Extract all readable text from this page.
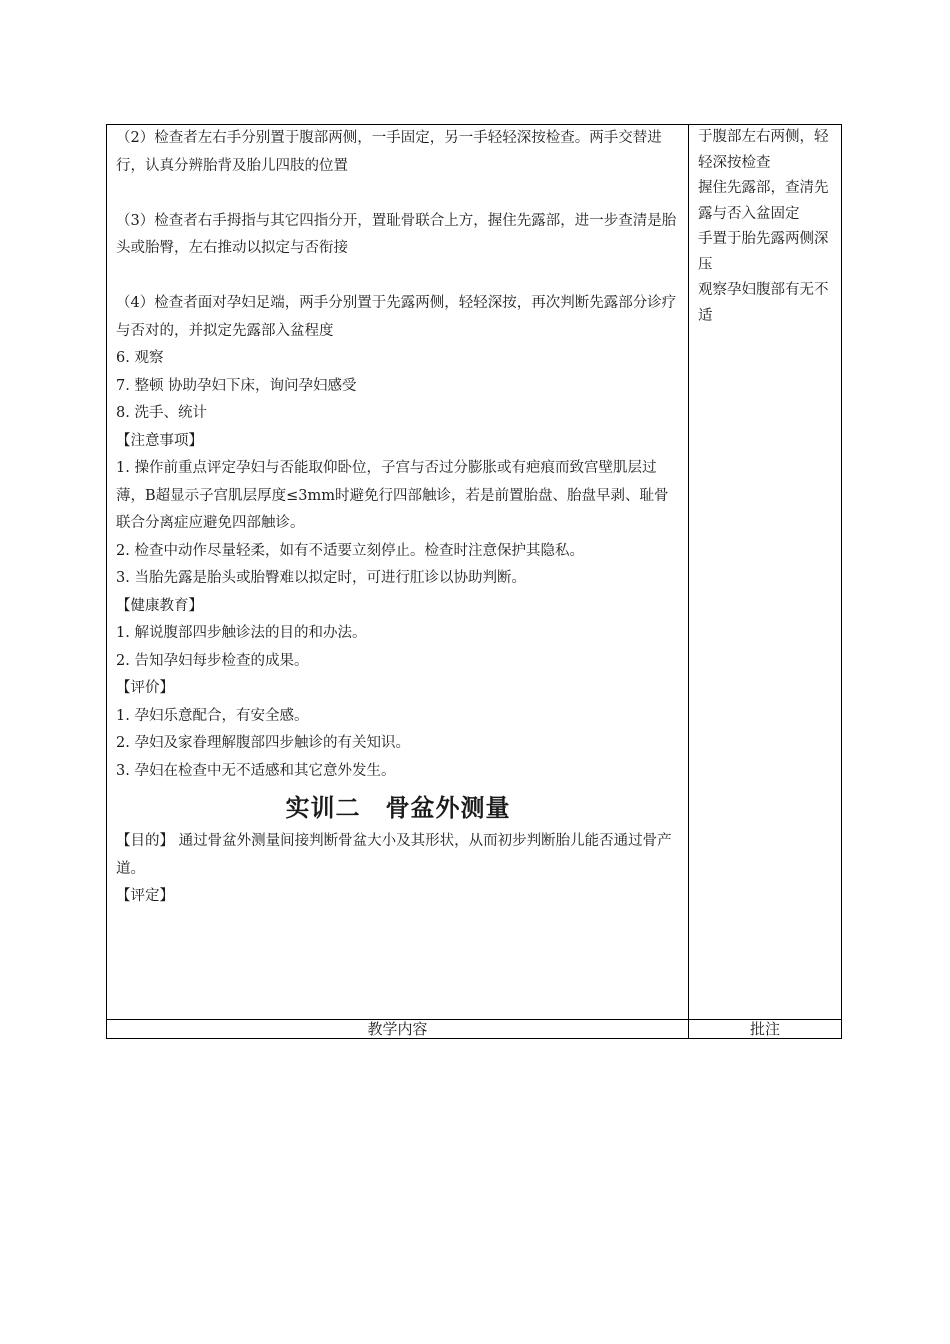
（2）检查者左右手分别置于腹部两侧，一手固定，另一手轻轻深按检查。两手交替进行，认真分辨胎背及胎儿四肢的位置

（3）检查者右手拇指与其它四指分开，置耻骨联合上方，握住先露部，进一步查清是胎头或胎臀，左右推动以拟定与否衔接

（4）检查者面对孕妇足端，两手分别置于先露两侧，轻轻深按，再次判断先露部分诊疗与否对的，并拟定先露部入盆程度

6. 观察

7. 整顿 协助孕妇下床，询问孕妇感受

8. 洗手、统计

【注意事项】

1. 操作前重点评定孕妇与否能取仰卧位，子宫与否过分膨胀或有疤痕而致宫壁肌层过薄，B超显示子宫肌层厚度≤3mm时避免行四部触诊，若是前置胎盘、胎盘早剥、耻骨联合分离症应避免四部触诊。

2. 检查中动作尽量轻柔，如有不适要立刻停止。检查时注意保护其隐私。

3. 当胎先露是胎头或胎臀难以拟定时，可进行肛诊以协助判断。

【健康教育】

1. 解说腹部四步触诊法的目的和办法。

2. 告知孕妇每步检查的成果。

【评价】

1. 孕妇乐意配合，有安全感。

2. 孕妇及家眷理解腹部四步触诊的有关知识。

3. 孕妇在检查中无不适感和其它意外发生。

实训二　骨盆外测量

【目的】 通过骨盆外测量间接判断骨盆大小及其形状，从而初步判断胎儿能否通过骨产道。

【评定】

于腹部左右两侧，轻轻深按检查

握住先露部，查清先露与否入盆固定

手置于胎先露两侧深压

观察孕妇腹部有无不适

教学内容	批注
